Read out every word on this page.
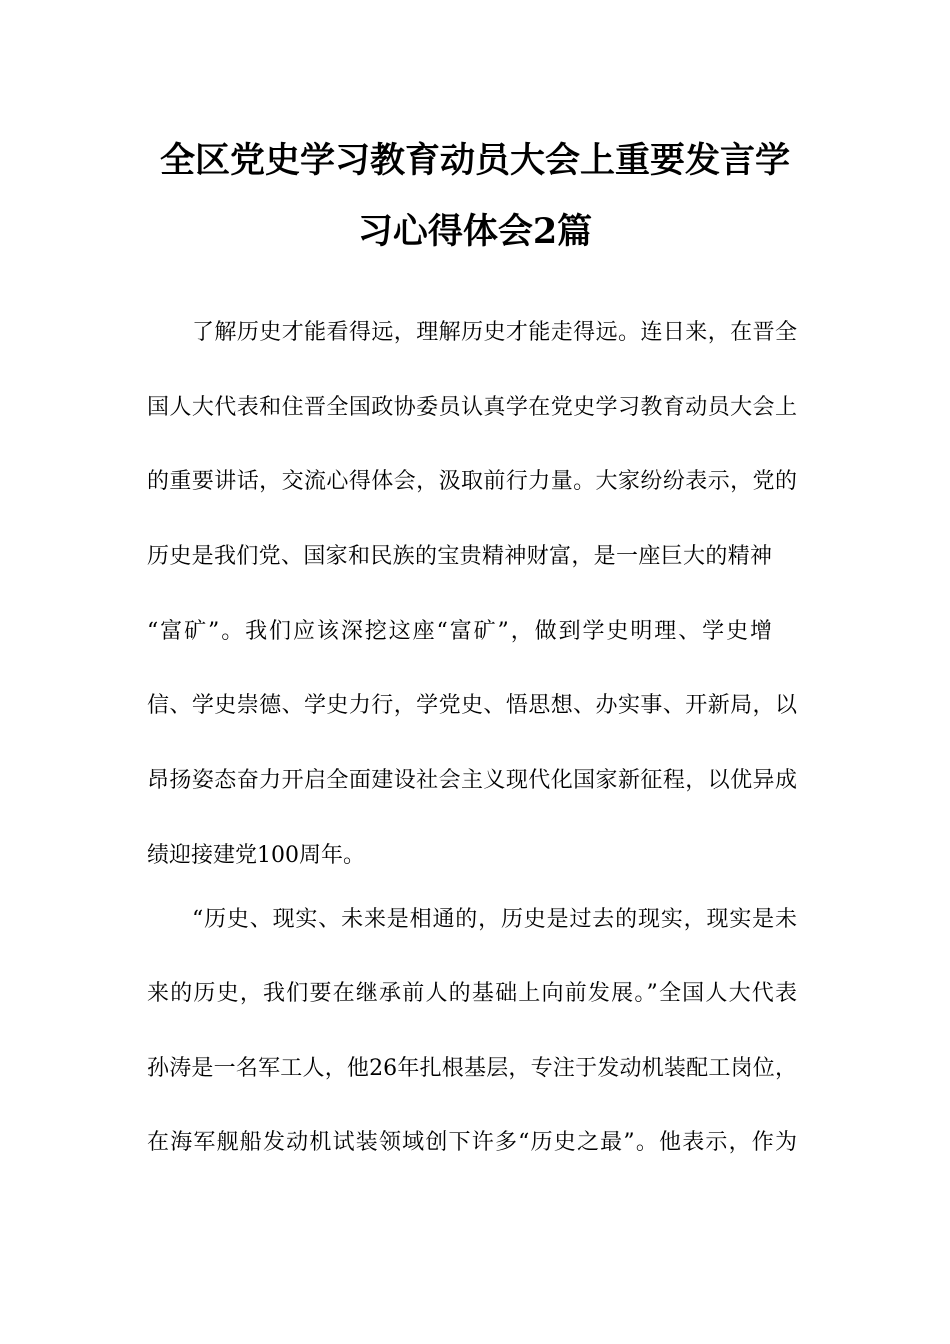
全区党史学习教育动员大会上重要发言学
习心得体会2篇

了解历史才能看得远，理解历史才能走得远。连日来，在晋全

国人大代表和住晋全国政协委员认真学在党史学习教育动员大会上

的重要讲话，交流心得体会，汲取前行力量。大家纷纷表示，党的

历史是我们党、国家和民族的宝贵精神财富，是一座巨大的精神

“富矿”。我们应该深挖这座“富矿”，做到学史明理、学史增

信、学史崇德、学史力行，学党史、悟思想、办实事、开新局，以

昂扬姿态奋力开启全面建设社会主义现代化国家新征程，以优异成

绩迎接建党100周年。

“历史、现实、未来是相通的，历史是过去的现实，现实是未

来的历史，我们要在继承前人的基础上向前发展。”全国人大代表

孙涛是一名军工人，他26年扎根基层，专注于发动机装配工岗位，

在海军舰船发动机试装领域创下许多“历史之最”。他表示，作为
